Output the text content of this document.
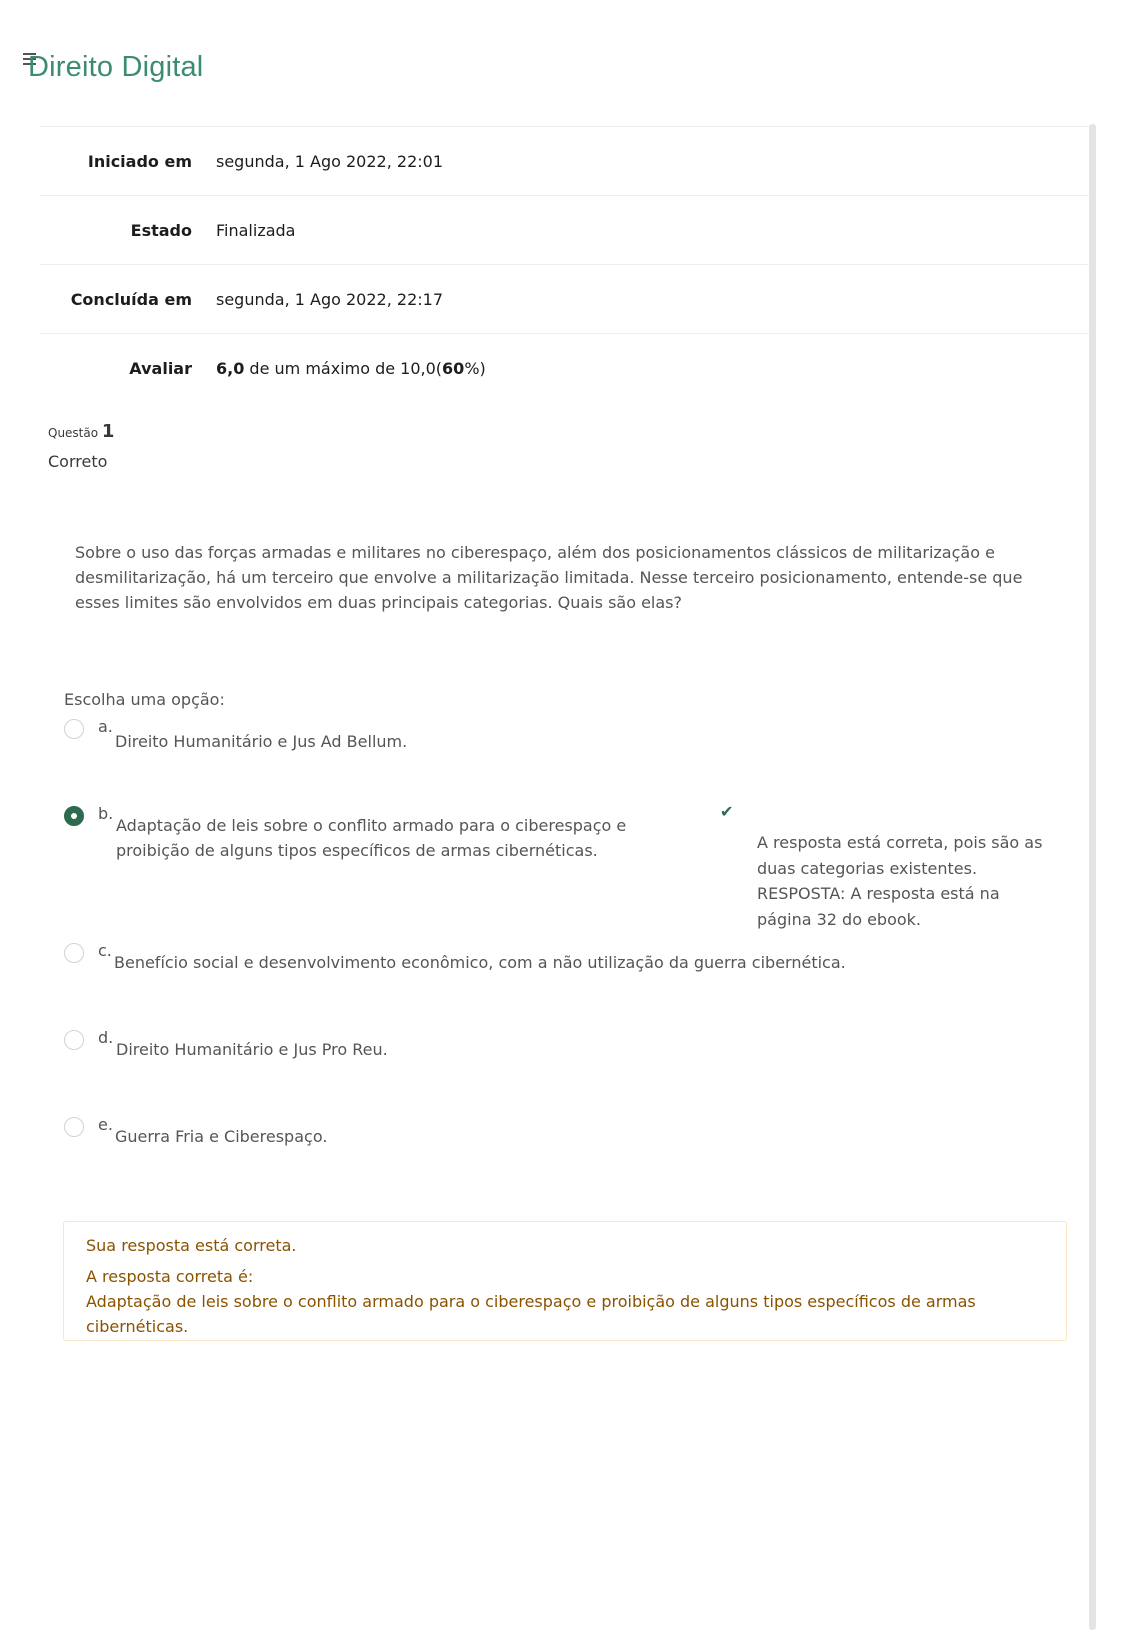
Direito Digital
Iniciado em segunda, 1 Ago 2022, 22:01
Estado Finalizada
Concluída em segunda, 1 Ago 2022, 22:17
Avaliar 6,0 de um máximo de 10,0(60%)
Questão 1
Correto
Sobre o uso das forças armadas e militares no ciberespaço, além dos posicionamentos clássicos de militarização e desmilitarização, há um terceiro que envolve a militarização limitada. Nesse terceiro posicionamento, entende-se que esses limites são envolvidos em duas principais categorias. Quais são elas?
Escolha uma opção:
a.
Direito Humanitário e Jus Ad Bellum.
b.
Adaptação de leis sobre o conflito armado para o ciberespaço e proibição de alguns tipos específicos de armas cibernéticas.
✔
A resposta está correta, pois são as duas categorias existentes. RESPOSTA: A resposta está na página 32 do ebook.
c.
Benefício social e desenvolvimento econômico, com a não utilização da guerra cibernética.
d.
Direito Humanitário e Jus Pro Reu.
e.
Guerra Fria e Ciberespaço.
Sua resposta está correta.
A resposta correta é:
Adaptação de leis sobre o conflito armado para o ciberespaço e proibição de alguns tipos específicos de armas cibernéticas.
